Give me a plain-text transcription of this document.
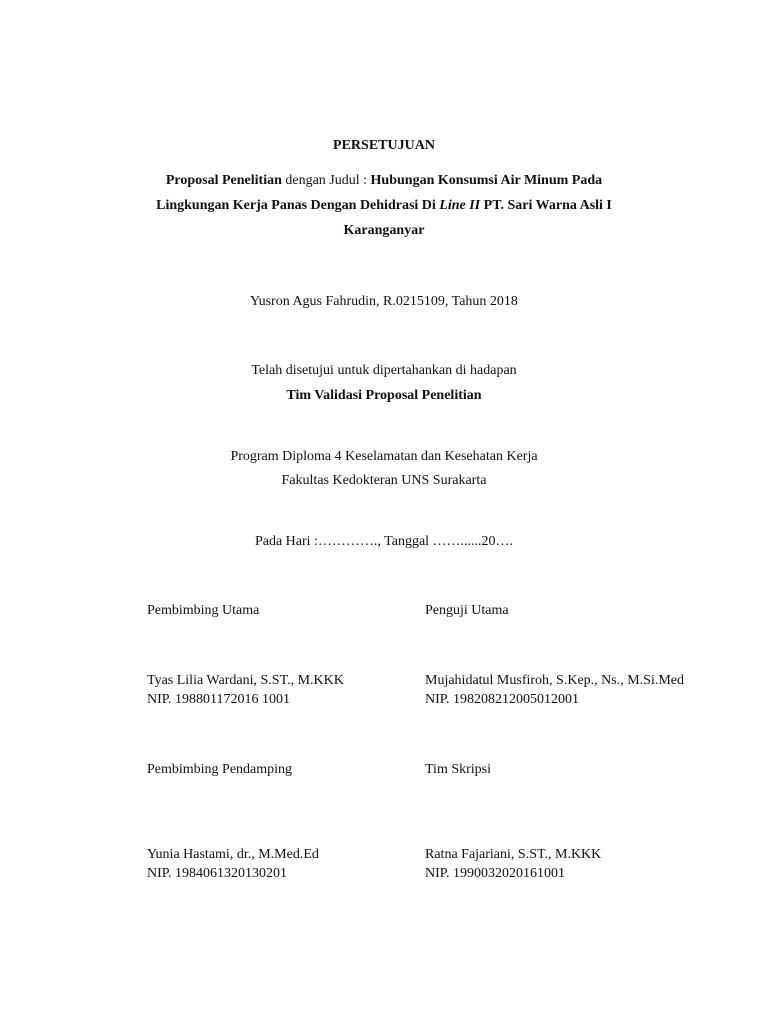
PERSETUJUAN
Proposal Penelitian dengan Judul : Hubungan Konsumsi Air Minum Pada
Lingkungan Kerja Panas Dengan Dehidrasi Di Line II PT. Sari Warna Asli I
Karanganyar
Yusron Agus Fahrudin, R.0215109, Tahun 2018
Telah disetujui untuk dipertahankan di hadapan
Tim Validasi Proposal Penelitian
Program Diploma 4 Keselamatan dan Kesehatan Kerja
Fakultas Kedokteran UNS Surakarta
Pada Hari :…………., Tanggal ……......20….
Pembimbing Utama	Penguji Utama
Tyas Lilia Wardani, S.ST., M.KKK	Mujahidatul Musfiroh, S.Kep., Ns., M.Si.Med
NIP. 198801172016 1001	NIP. 198208212005012001
Pembimbing Pendamping	Tim Skripsi
Yunia Hastami, dr., M.Med.Ed	Ratna Fajariani, S.ST., M.KKK
NIP. 1984061320130201	NIP. 1990032020161001
